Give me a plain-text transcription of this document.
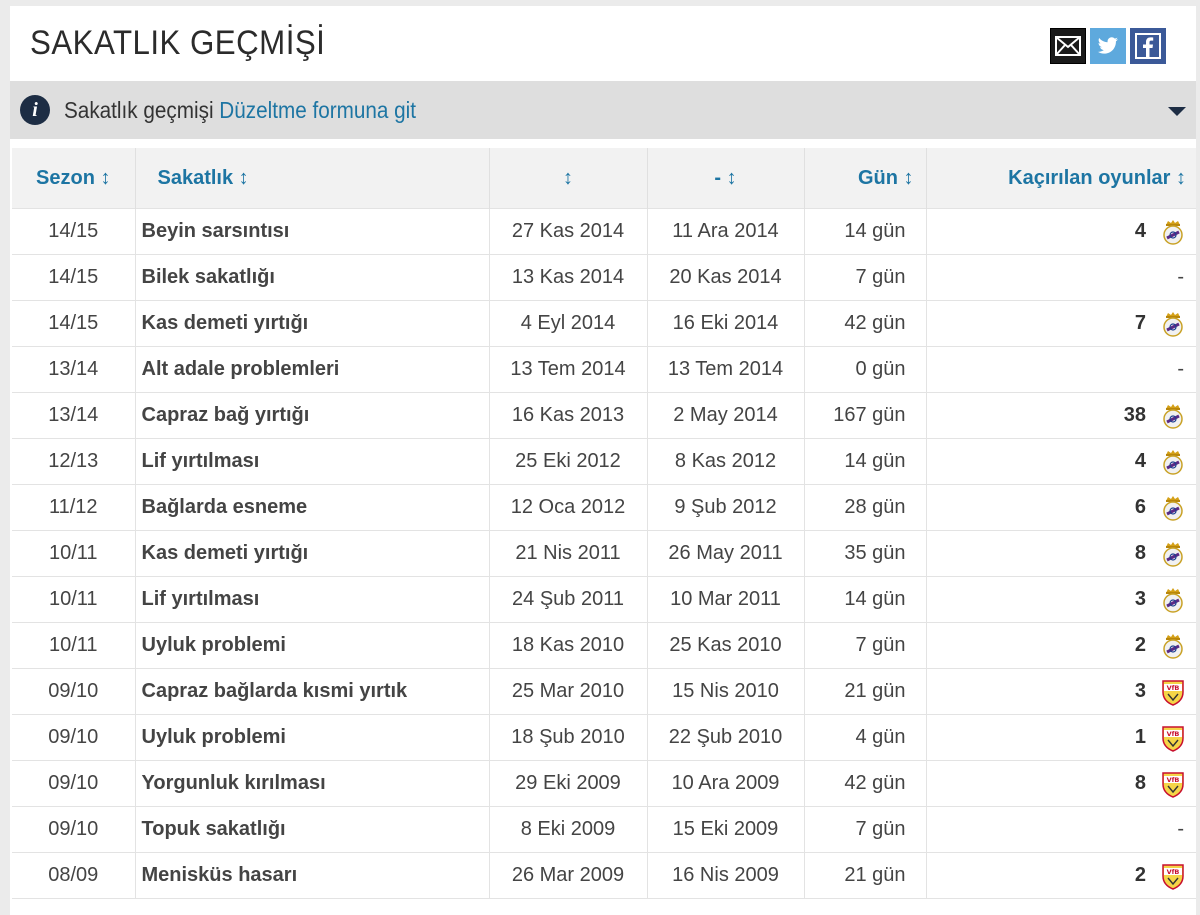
SAKATLIK GEÇMİŞİ
i	Sakatlık geçmişi Düzeltme formuna git
Sezon ↕	Sakatlık ↕	↕	- ↕	Gün ↕	Kaçırılan oyunlar ↕
14/15	Beyin sarsıntısı	27 Kas 2014	11 Ara 2014	14 gün	4

14/15	Bilek sakatlığı	13 Kas 2014	20 Kas 2014	7 gün	-

14/15	Kas demeti yırtığı	4 Eyl 2014	16 Eki 2014	42 gün	7

13/14	Alt adale problemleri	13 Tem 2014	13 Tem 2014	0 gün	-

13/14	Capraz bağ yırtığı	16 Kas 2013	2 May 2014	167 gün	38

12/13	Lif yırtılması	25 Eki 2012	8 Kas 2012	14 gün	4

11/12	Bağlarda esneme	12 Oca 2012	9 Şub 2012	28 gün	6

10/11	Kas demeti yırtığı	21 Nis 2011	26 May 2011	35 gün	8

10/11	Lif yırtılması	24 Şub 2011	10 Mar 2011	14 gün	3

10/11	Uyluk problemi	18 Kas 2010	25 Kas 2010	7 gün	2

09/10	Capraz bağlarda kısmi yırtık	25 Mar 2010	15 Nis 2010	21 gün	3 VfB

09/10	Uyluk problemi	18 Şub 2010	22 Şub 2010	4 gün	1 VfB

09/10	Yorgunluk kırılması	29 Eki 2009	10 Ara 2009	42 gün	8 VfB

09/10	Topuk sakatlığı	8 Eki 2009	15 Eki 2009	7 gün	-

08/09	Menisküs hasarı	26 Mar 2009	16 Nis 2009	21 gün	2 VfB
